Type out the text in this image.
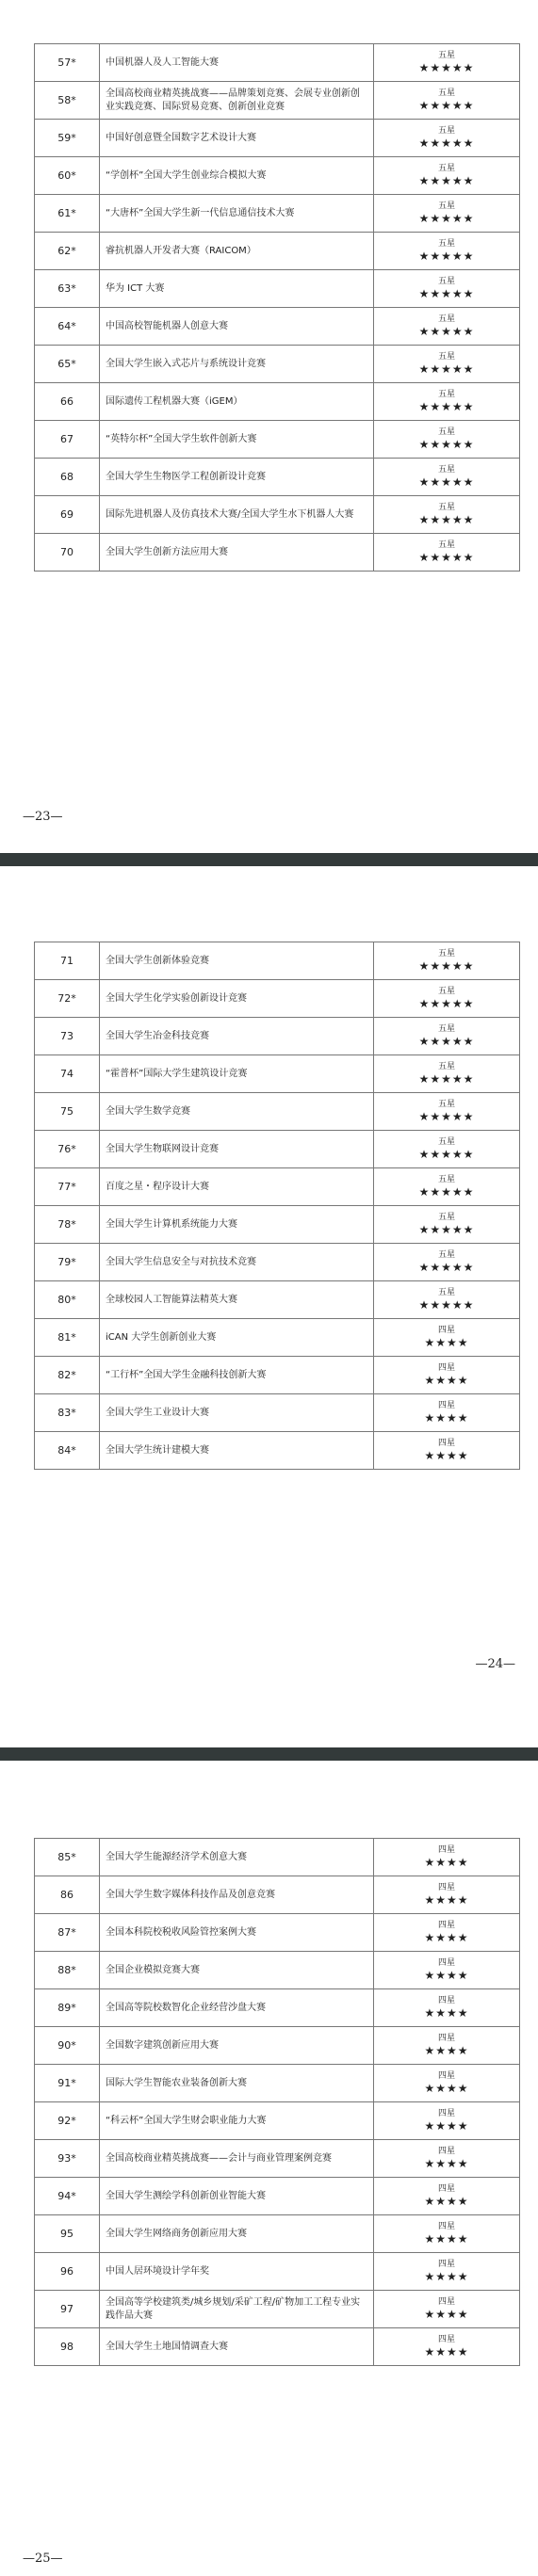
57*	中国机器人及人工智能大赛	五星
★★★★★

58*	全国高校商业精英挑战赛——品牌策划竞赛、会展专业创新创业实践竞赛、国际贸易竞赛、创新创业竞赛	五星
★★★★★

59*	中国好创意暨全国数字艺术设计大赛	五星
★★★★★

60*	“学创杯”全国大学生创业综合模拟大赛	五星
★★★★★

61*	“大唐杯”全国大学生新一代信息通信技术大赛	五星
★★★★★

62*	睿抗机器人开发者大赛（RAICOM）	五星
★★★★★

63*	华为 ICT 大赛	五星
★★★★★

64*	中国高校智能机器人创意大赛	五星
★★★★★

65*	全国大学生嵌入式芯片与系统设计竞赛	五星
★★★★★

66	国际遗传工程机器大赛（iGEM）	五星
★★★★★

67	“英特尔杯”全国大学生软件创新大赛	五星
★★★★★

68	全国大学生生物医学工程创新设计竞赛	五星
★★★★★

69	国际先进机器人及仿真技术大赛/全国大学生水下机器人大赛	五星
★★★★★

70	全国大学生创新方法应用大赛	五星
★★★★★
—23—
71	全国大学生创新体验竞赛	五星
★★★★★

72*	全国大学生化学实验创新设计竞赛	五星
★★★★★

73	全国大学生冶金科技竞赛	五星
★★★★★

74	“霍普杯”国际大学生建筑设计竞赛	五星
★★★★★

75	全国大学生数学竞赛	五星
★★★★★

76*	全国大学生物联网设计竞赛	五星
★★★★★

77*	百度之星・程序设计大赛	五星
★★★★★

78*	全国大学生计算机系统能力大赛	五星
★★★★★

79*	全国大学生信息安全与对抗技术竞赛	五星
★★★★★

80*	全球校园人工智能算法精英大赛	五星
★★★★★

81*	iCAN 大学生创新创业大赛	四星
★★★★

82*	“工行杯”全国大学生金融科技创新大赛	四星
★★★★

83*	全国大学生工业设计大赛	四星
★★★★

84*	全国大学生统计建模大赛	四星
★★★★
—24—
85*	全国大学生能源经济学术创意大赛	四星
★★★★

86	全国大学生数字媒体科技作品及创意竞赛	四星
★★★★

87*	全国本科院校税收风险管控案例大赛	四星
★★★★

88*	全国企业模拟竞赛大赛	四星
★★★★

89*	全国高等院校数智化企业经营沙盘大赛	四星
★★★★

90*	全国数字建筑创新应用大赛	四星
★★★★

91*	国际大学生智能农业装备创新大赛	四星
★★★★

92*	“科云杯”全国大学生财会职业能力大赛	四星
★★★★

93*	全国高校商业精英挑战赛——会计与商业管理案例竞赛	四星
★★★★

94*	全国大学生测绘学科创新创业智能大赛	四星
★★★★

95	全国大学生网络商务创新应用大赛	四星
★★★★

96	中国人居环境设计学年奖	四星
★★★★

97	全国高等学校建筑类/城乡规划/采矿工程/矿物加工工程专业实践作品大赛	四星
★★★★

98	全国大学生土地国情调查大赛	四星
★★★★
—25—
